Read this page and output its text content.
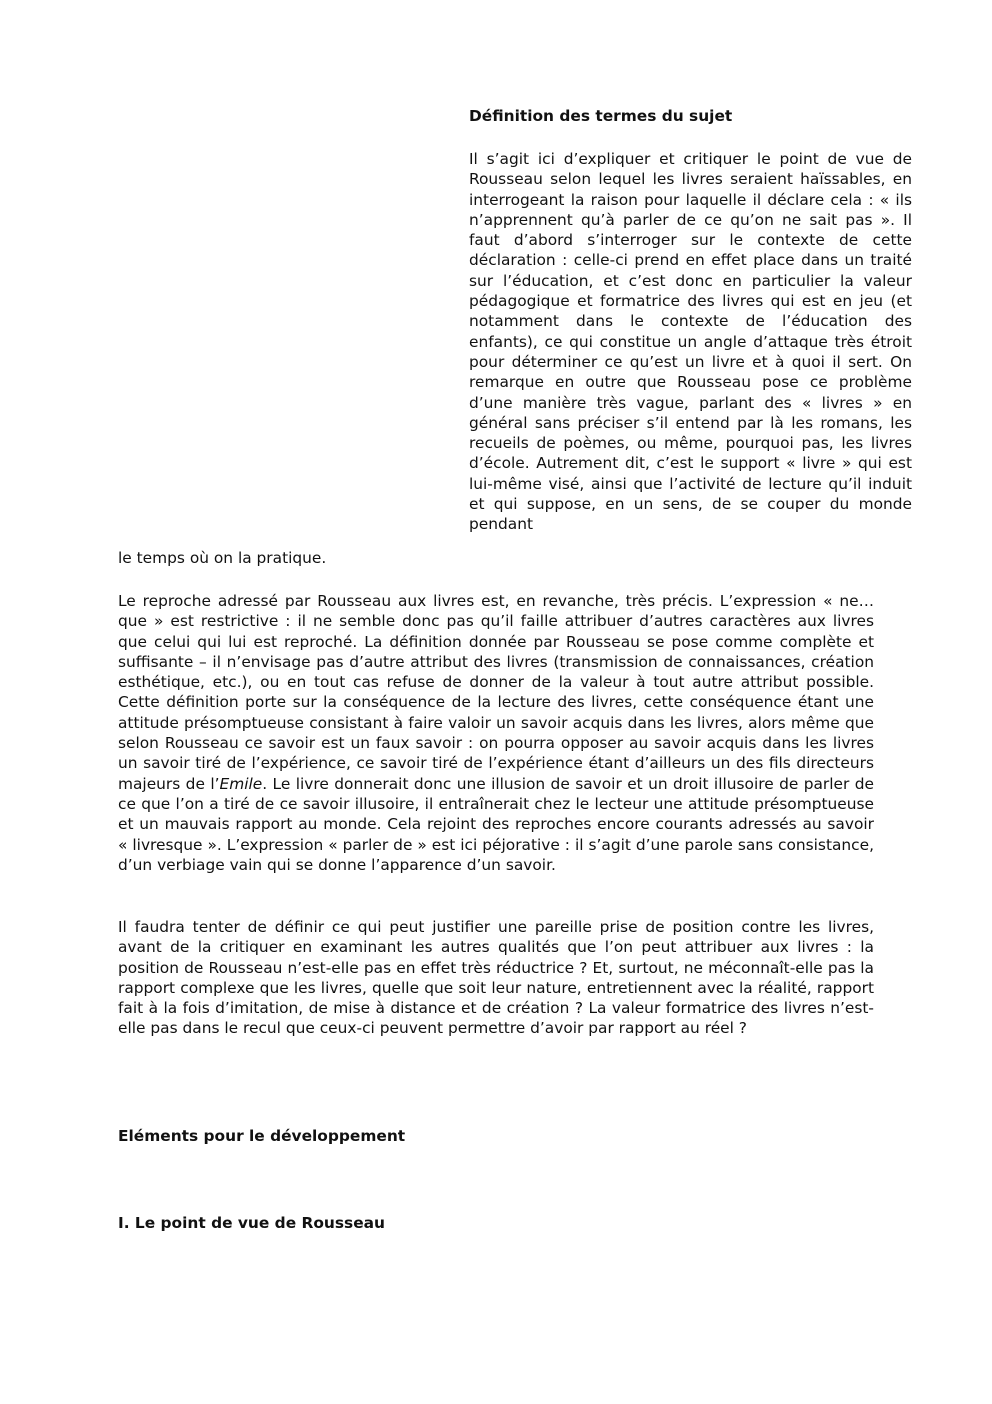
Définition des termes du sujet

Il s’agit ici d’expliquer et critiquer le point de vue de Rousseau selon lequel les livres seraient haïssables, en interrogeant la raison pour laquelle il déclare cela : « ils n’apprennent qu’à parler de ce qu’on ne sait pas ». Il faut d’abord s’interroger sur le contexte de cette déclaration : celle-ci prend en effet place dans un traité sur l’éducation, et c’est donc en particulier la valeur pédagogique et formatrice des livres qui est en jeu (et notamment dans le contexte de l’éducation des enfants), ce qui constitue un angle d’attaque très étroit pour déterminer ce qu’est un livre et à quoi il sert. On remarque en outre que Rousseau pose ce problème d’une manière très vague, parlant des « livres » en général sans préciser s’il entend par là les romans, les recueils de poèmes, ou même, pourquoi pas, les livres d’école. Autrement dit, c’est le support « livre » qui est lui-même visé, ainsi que l’activité de lecture qu’il induit et qui suppose, en un sens, de se couper du monde pendant

le temps où on la pratique.

Le reproche adressé par Rousseau aux livres est, en revanche, très précis. L’expression « ne…que » est restrictive : il ne semble donc pas qu’il faille attribuer d’autres caractères aux livres que celui qui lui est reproché. La définition donnée par Rousseau se pose comme complète et suffisante – il n’envisage pas d’autre attribut des livres (transmission de connaissances, création esthétique, etc.), ou en tout cas refuse de donner de la valeur à tout autre attribut possible. Cette définition porte sur la conséquence de la lecture des livres, cette conséquence étant une attitude présomptueuse consistant à faire valoir un savoir acquis dans les livres, alors même que selon Rousseau ce savoir est un faux savoir : on pourra opposer au savoir acquis dans les livres un savoir tiré de l’expérience, ce savoir tiré de l’expérience étant d’ailleurs un des fils directeurs majeurs de l’Emile. Le livre donnerait donc une illusion de savoir et un droit illusoire de parler de ce que l’on a tiré de ce savoir illusoire, il entraînerait chez le lecteur une attitude présomptueuse et un mauvais rapport au monde. Cela rejoint des reproches encore courants adressés au savoir « livresque ». L’expression « parler de » est ici péjorative : il s’agit d’une parole sans consistance, d’un verbiage vain qui se donne l’apparence d’un savoir.

Il faudra tenter de définir ce qui peut justifier une pareille prise de position contre les livres, avant de la critiquer en examinant les autres qualités que l’on peut attribuer aux livres : la position de Rousseau n’est-elle pas en effet très réductrice ? Et, surtout, ne méconnaît-elle pas la rapport complexe que les livres, quelle que soit leur nature, entretiennent avec la réalité, rapport fait à la fois d’imitation, de mise à distance et de création ? La valeur formatrice des livres n’est-elle pas dans le recul que ceux-ci peuvent permettre d’avoir par rapport au réel ?

Eléments pour le développement

I. Le point de vue de Rousseau
